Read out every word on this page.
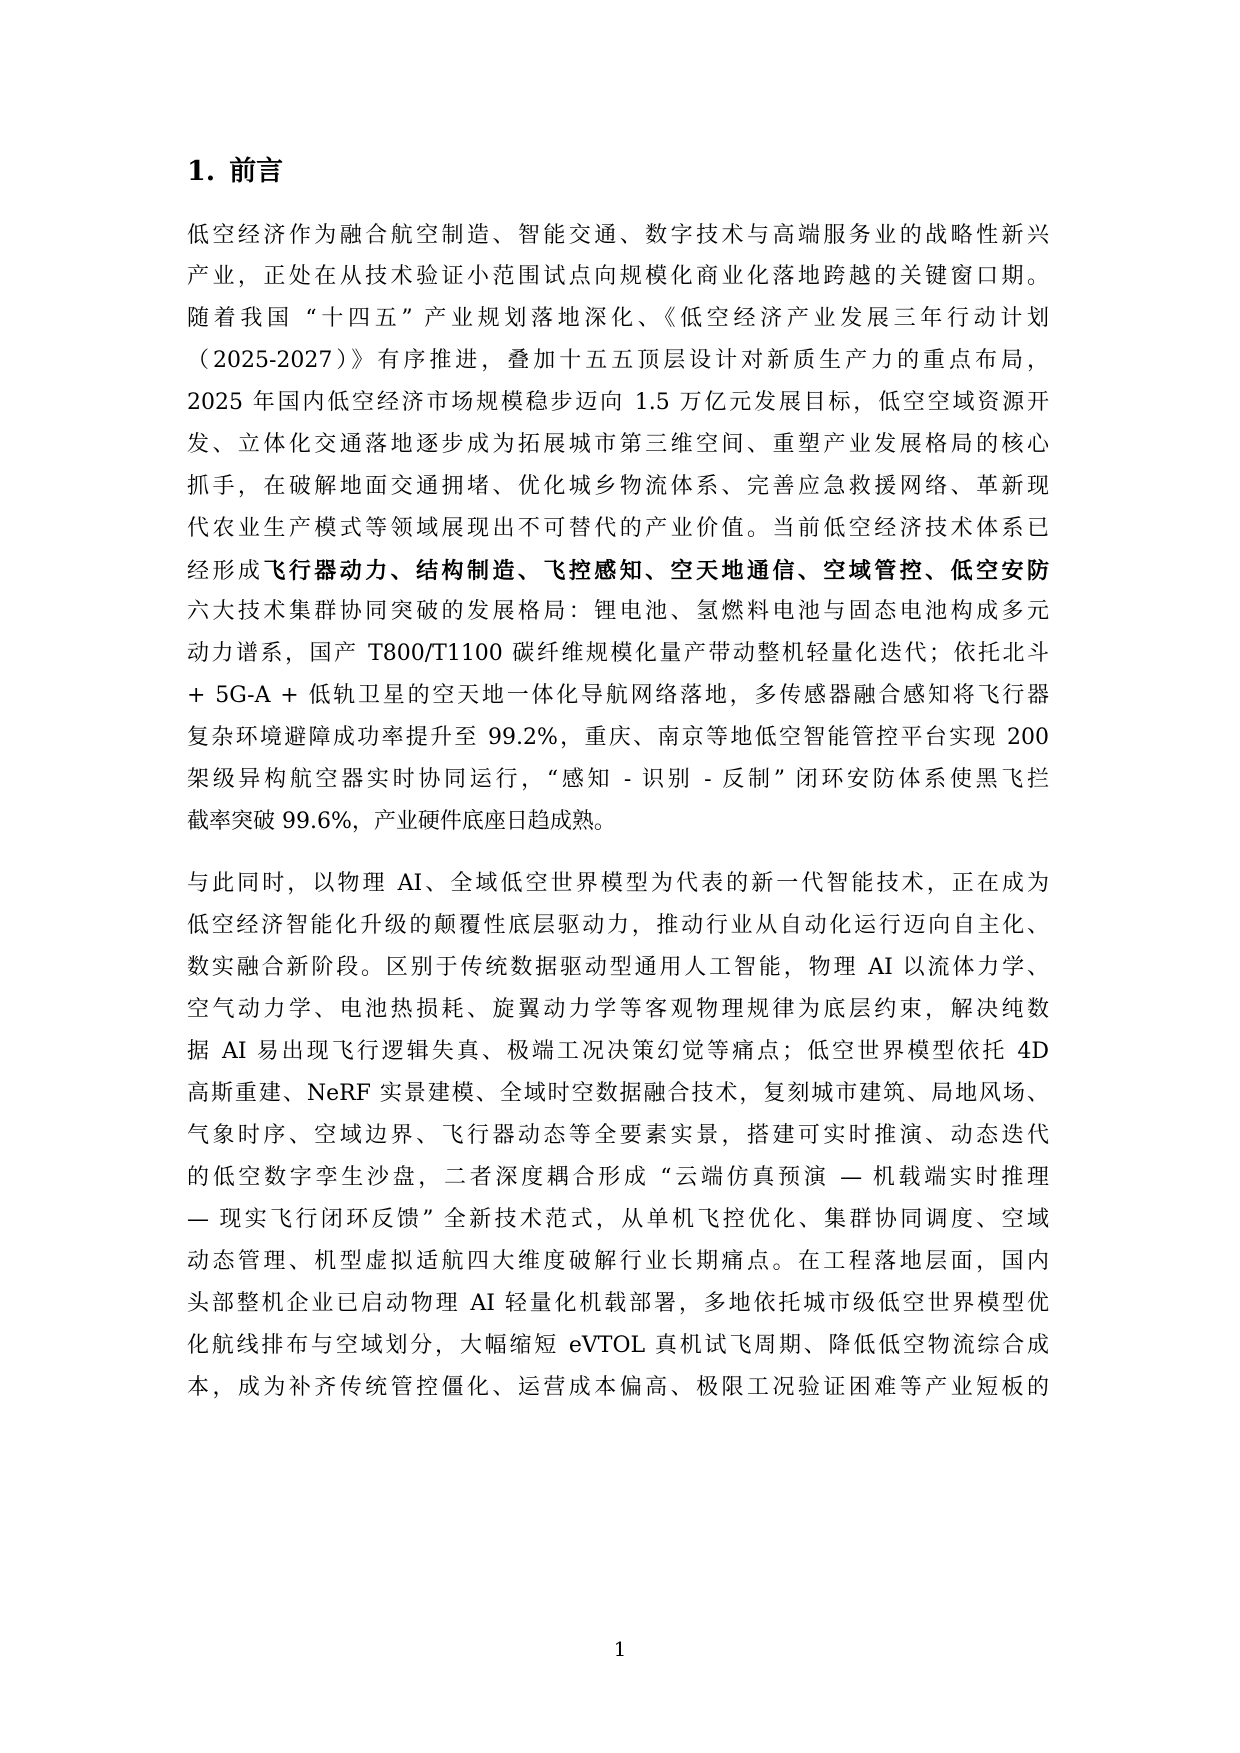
1. 前言
低空经济作为融合航空制造、智能交通、数字技术与高端服务业的战略性新兴
产业，正处在从技术验证小范围试点向规模化商业化落地跨越的关键窗口期。
随着我国 “十四五” 产业规划落地深化、《低空经济产业发展三年行动计划
（2025-2027）》有序推进，叠加十五五顶层设计对新质生产力的重点布局，
2025 年国内低空经济市场规模稳步迈向 1.5 万亿元发展目标，低空空域资源开
发、立体化交通落地逐步成为拓展城市第三维空间、重塑产业发展格局的核心
抓手，在破解地面交通拥堵、优化城乡物流体系、完善应急救援网络、革新现
代农业生产模式等领域展现出不可替代的产业价值。当前低空经济技术体系已
经形成飞行器动力、结构制造、飞控感知、空天地通信、空域管控、低空安防
六大技术集群协同突破的发展格局：锂电池、氢燃料电池与固态电池构成多元
动力谱系，国产 T800/T1100 碳纤维规模化量产带动整机轻量化迭代；依托北斗
+ 5G-A + 低轨卫星的空天地一体化导航网络落地，多传感器融合感知将飞行器
复杂环境避障成功率提升至 99.2%，重庆、南京等地低空智能管控平台实现 200
架级异构航空器实时协同运行，“感知 - 识别 - 反制” 闭环安防体系使黑飞拦
截率突破 99.6%，产业硬件底座日趋成熟。
与此同时，以物理 AI、全域低空世界模型为代表的新一代智能技术，正在成为
低空经济智能化升级的颠覆性底层驱动力，推动行业从自动化运行迈向自主化、
数实融合新阶段。区别于传统数据驱动型通用人工智能，物理 AI 以流体力学、
空气动力学、电池热损耗、旋翼动力学等客观物理规律为底层约束，解决纯数
据 AI 易出现飞行逻辑失真、极端工况决策幻觉等痛点；低空世界模型依托 4D
高斯重建、NeRF 实景建模、全域时空数据融合技术，复刻城市建筑、局地风场、
气象时序、空域边界、飞行器动态等全要素实景，搭建可实时推演、动态迭代
的低空数字孪生沙盘，二者深度耦合形成 “云端仿真预演 — 机载端实时推理
— 现实飞行闭环反馈” 全新技术范式，从单机飞控优化、集群协同调度、空域
动态管理、机型虚拟适航四大维度破解行业长期痛点。在工程落地层面，国内
头部整机企业已启动物理 AI 轻量化机载部署，多地依托城市级低空世界模型优
化航线排布与空域划分，大幅缩短 eVTOL 真机试飞周期、降低低空物流综合成
本，成为补齐传统管控僵化、运营成本偏高、极限工况验证困难等产业短板的
1
